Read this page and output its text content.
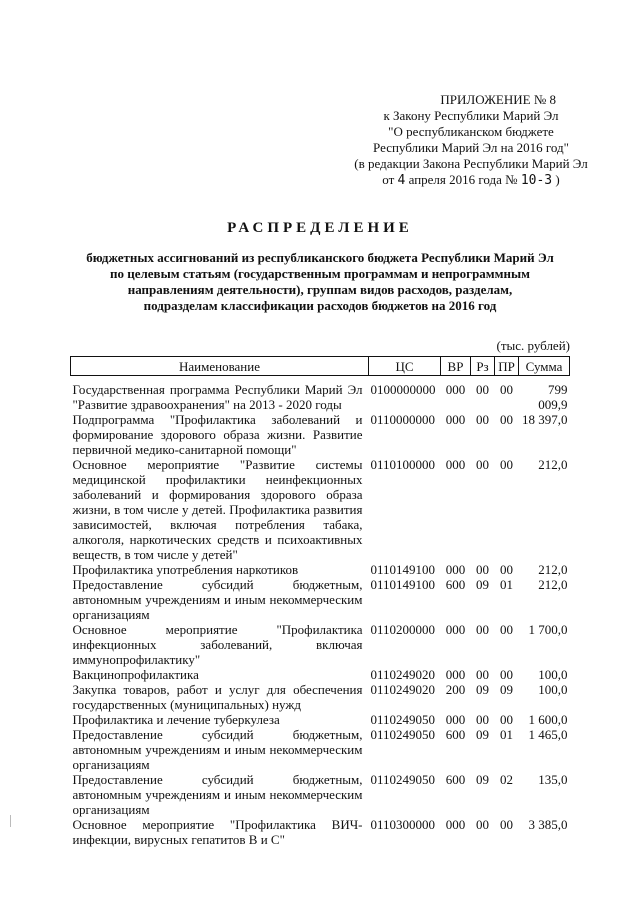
ПРИЛОЖЕНИЕ № 8
к Закону Республики Марий Эл
"О республиканском бюджете
Республики Марий Эл на 2016 год"
(в редакции Закона Республики Марий Эл
от 4 апреля 2016 года № 10-З )
РАСПРЕДЕЛЕНИЕ
бюджетных ассигнований из республиканского бюджета Республики Марий Эл
по целевым статьям (государственным программам и непрограммным
направлениям деятельности), группам видов расходов, разделам,
подразделам классификации расходов бюджетов на 2016 год
(тыс. рублей)
Наименование	ЦС	ВР	Рз	ПР	Сумма
Государственная программа Республики Марий Эл "Развитие здравоохранения" на 2013 - 2020 годы	0100000000	000	00	00	799 009,9
Подпрограмма "Профилактика заболеваний и формирование здорового образа жизни. Развитие первичной медико-санитарной помощи"	0110000000	000	00	00	18 397,0
Основное мероприятие "Развитие системы медицинской профилактики неинфекционных заболеваний и формирования здорового образа жизни, в том числе у детей. Профилактика развития зависимостей, включая потребления табака, алкоголя, наркотических средств и психоактивных веществ, в том числе у детей"	0110100000	000	00	00	212,0
Профилактика употребления наркотиков	0110149100	000	00	00	212,0
Предоставление субсидий бюджетным, автономным учреждениям и иным некоммерческим организациям	0110149100	600	09	01	212,0
Основное мероприятие "Профилактика инфекционных заболеваний, включая иммунопрофилактику"	0110200000	000	00	00	1 700,0
Вакцинопрофилактика	0110249020	000	00	00	100,0
Закупка товаров, работ и услуг для обеспечения государственных (муниципальных) нужд	0110249020	200	09	09	100,0
Профилактика и лечение туберкулеза	0110249050	000	00	00	1 600,0
Предоставление субсидий бюджетным, автономным учреждениям и иным некоммерческим организациям	0110249050	600	09	01	1 465,0
Предоставление субсидий бюджетным, автономным учреждениям и иным некоммерческим организациям	0110249050	600	09	02	135,0
Основное мероприятие "Профилактика ВИЧ-инфекции, вирусных гепатитов В и С"	0110300000	000	00	00	3 385,0
